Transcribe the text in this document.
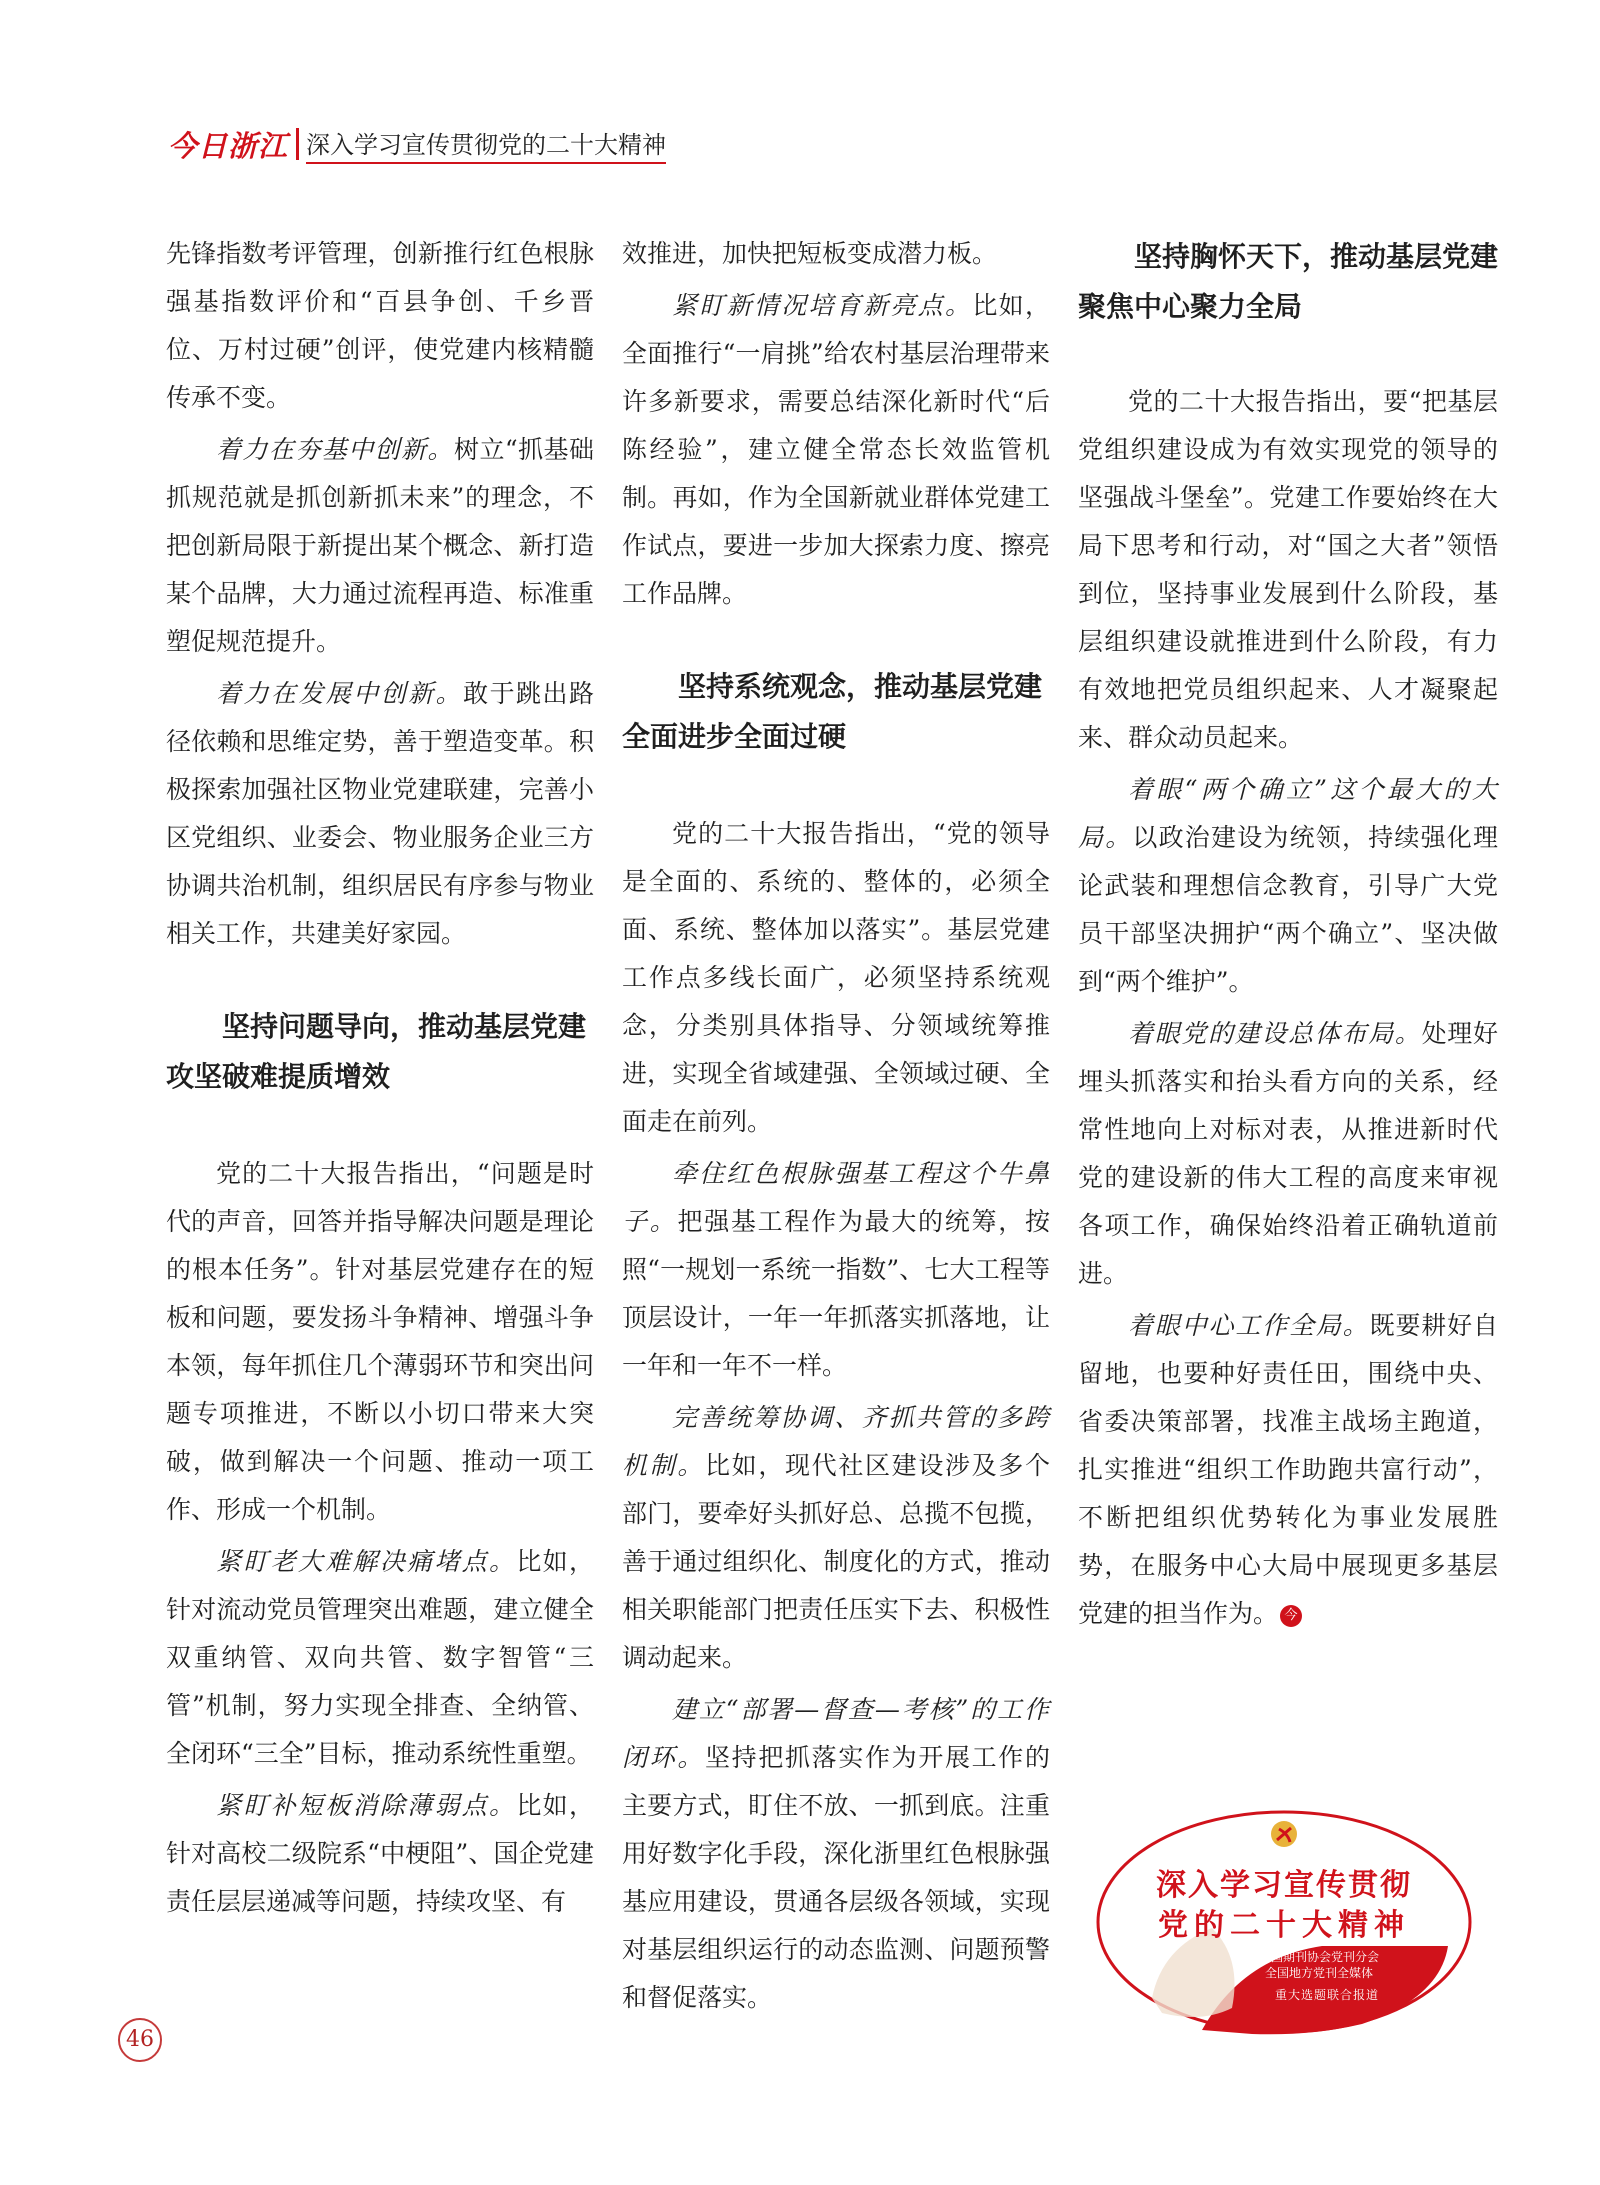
今日浙江 深入学习宣传贯彻党的二十大精神

先锋指数考评管理，创新推行红色根脉强基指数评价和“百县争创、千乡晋位、万村过硬”创评，使党建内核精髓传承不变。

着力在夯基中创新。树立“抓基础抓规范就是抓创新抓未来”的理念，不把创新局限于新提出某个概念、新打造某个品牌，大力通过流程再造、标准重塑促规范提升。

着力在发展中创新。敢于跳出路径依赖和思维定势，善于塑造变革。积极探索加强社区物业党建联建，完善小区党组织、业委会、物业服务企业三方协调共治机制，组织居民有序参与物业相关工作，共建美好家园。

坚持问题导向，推动基层党建攻坚破难提质增效

党的二十大报告指出，“问题是时代的声音，回答并指导解决问题是理论的根本任务”。针对基层党建存在的短板和问题，要发扬斗争精神、增强斗争本领，每年抓住几个薄弱环节和突出问题专项推进，不断以小切口带来大突破，做到解决一个问题、推动一项工作、形成一个机制。

紧盯老大难解决痛堵点。比如，针对流动党员管理突出难题，建立健全双重纳管、双向共管、数字智管“三管”机制，努力实现全排查、全纳管、全闭环“三全”目标，推动系统性重塑。

紧盯补短板消除薄弱点。比如，针对高校二级院系“中梗阻”、国企党建责任层层递减等问题，持续攻坚、有

效推进，加快把短板变成潜力板。

紧盯新情况培育新亮点。比如，全面推行“一肩挑”给农村基层治理带来许多新要求，需要总结深化新时代“后陈经验”，建立健全常态长效监管机制。再如，作为全国新就业群体党建工作试点，要进一步加大探索力度、擦亮工作品牌。

坚持系统观念，推动基层党建全面进步全面过硬

党的二十大报告指出，“党的领导是全面的、系统的、整体的，必须全面、系统、整体加以落实”。基层党建工作点多线长面广，必须坚持系统观念，分类别具体指导、分领域统筹推进，实现全省域建强、全领域过硬、全面走在前列。

牵住红色根脉强基工程这个牛鼻子。把强基工程作为最大的统筹，按照“一规划一系统一指数”、七大工程等顶层设计，一年一年抓落实抓落地，让一年和一年不一样。

完善统筹协调、齐抓共管的多跨机制。比如，现代社区建设涉及多个部门，要牵好头抓好总、总揽不包揽，善于通过组织化、制度化的方式，推动相关职能部门把责任压实下去、积极性调动起来。

建立“部署—督查—考核”的工作闭环。坚持把抓落实作为开展工作的主要方式，盯住不放、一抓到底。注重用好数字化手段，深化浙里红色根脉强基应用建设，贯通各层级各领域，实现对基层组织运行的动态监测、问题预警和督促落实。

坚持胸怀天下，推动基层党建聚焦中心聚力全局

党的二十大报告指出，要“把基层党组织建设成为有效实现党的领导的坚强战斗堡垒”。党建工作要始终在大局下思考和行动，对“国之大者”领悟到位，坚持事业发展到什么阶段，基层组织建设就推进到什么阶段，有力有效地把党员组织起来、人才凝聚起来、群众动员起来。

着眼“两个确立”这个最大的大局。以政治建设为统领，持续强化理论武装和理想信念教育，引导广大党员干部坚决拥护“两个确立”、坚决做到“两个维护”。

着眼党的建设总体布局。处理好埋头抓落实和抬头看方向的关系，经常性地向上对标对表，从推进新时代党的建设新的伟大工程的高度来审视各项工作，确保始终沿着正确轨道前进。

着眼中心工作全局。既要耕好自留地，也要种好责任田，围绕中央、省委决策部署，找准主战场主跑道，扎实推进“组织工作助跑共富行动”，不断把组织优势转化为事业发展胜势，在服务中心大局中展现更多基层党建的担当作为。 今

深入学习宣传贯彻
党的二十大精神
中国期刊协会党刊分会
全国地方党刊全媒体
重大选题联合报道
46
